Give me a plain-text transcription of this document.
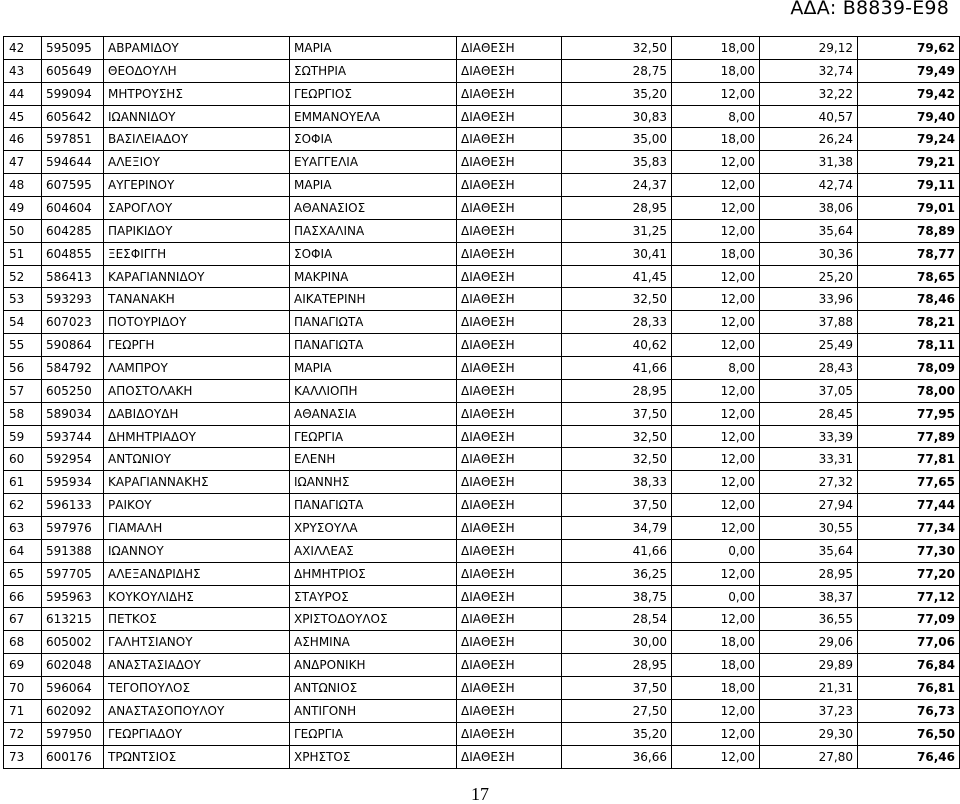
ΑΔΑ: Β8839-Ε98
42	595095	ΑΒΡΑΜΙΔΟΥ	ΜΑΡΙΑ	ΔΙΑΘΕΣΗ	32,50	18,00	29,12	79,62
43	605649	ΘΕΟΔΟΥΛΗ	ΣΩΤΗΡΙΑ	ΔΙΑΘΕΣΗ	28,75	18,00	32,74	79,49
44	599094	ΜΗΤΡΟΥΣΗΣ	ΓΕΩΡΓΙΟΣ	ΔΙΑΘΕΣΗ	35,20	12,00	32,22	79,42
45	605642	ΙΩΑΝΝΙΔΟΥ	ΕΜΜΑΝΟΥΕΛΑ	ΔΙΑΘΕΣΗ	30,83	8,00	40,57	79,40
46	597851	ΒΑΣΙΛΕΙΑΔΟΥ	ΣΟΦΙΑ	ΔΙΑΘΕΣΗ	35,00	18,00	26,24	79,24
47	594644	ΑΛΕΞΙΟΥ	ΕΥΑΓΓΕΛΙΑ	ΔΙΑΘΕΣΗ	35,83	12,00	31,38	79,21
48	607595	ΑΥΓΕΡΙΝΟΥ	ΜΑΡΙΑ	ΔΙΑΘΕΣΗ	24,37	12,00	42,74	79,11
49	604604	ΣΑΡΟΓΛΟΥ	ΑΘΑΝΑΣΙΟΣ	ΔΙΑΘΕΣΗ	28,95	12,00	38,06	79,01
50	604285	ΠΑΡΙΚΙΔΟΥ	ΠΑΣΧΑΛΙΝΑ	ΔΙΑΘΕΣΗ	31,25	12,00	35,64	78,89
51	604855	ΞΕΣΦΙΓΓΗ	ΣΟΦΙΑ	ΔΙΑΘΕΣΗ	30,41	18,00	30,36	78,77
52	586413	ΚΑΡΑΓΙΑΝΝΙΔΟΥ	ΜΑΚΡΙΝΑ	ΔΙΑΘΕΣΗ	41,45	12,00	25,20	78,65
53	593293	ΤΑΝΑΝΑΚΗ	ΑΙΚΑΤΕΡΙΝΗ	ΔΙΑΘΕΣΗ	32,50	12,00	33,96	78,46
54	607023	ΠΟΤΟΥΡΙΔΟΥ	ΠΑΝΑΓΙΩΤΑ	ΔΙΑΘΕΣΗ	28,33	12,00	37,88	78,21
55	590864	ΓΕΩΡΓΗ	ΠΑΝΑΓΙΩΤΑ	ΔΙΑΘΕΣΗ	40,62	12,00	25,49	78,11
56	584792	ΛΑΜΠΡΟΥ	ΜΑΡΙΑ	ΔΙΑΘΕΣΗ	41,66	8,00	28,43	78,09
57	605250	ΑΠΟΣΤΟΛΑΚΗ	ΚΑΛΛΙΟΠΗ	ΔΙΑΘΕΣΗ	28,95	12,00	37,05	78,00
58	589034	ΔΑΒΙΔΟΥΔΗ	ΑΘΑΝΑΣΙΑ	ΔΙΑΘΕΣΗ	37,50	12,00	28,45	77,95
59	593744	ΔΗΜΗΤΡΙΑΔΟΥ	ΓΕΩΡΓΙΑ	ΔΙΑΘΕΣΗ	32,50	12,00	33,39	77,89
60	592954	ΑΝΤΩΝΙΟΥ	ΕΛΕΝΗ	ΔΙΑΘΕΣΗ	32,50	12,00	33,31	77,81
61	595934	ΚΑΡΑΓΙΑΝΝΑΚΗΣ	ΙΩΑΝΝΗΣ	ΔΙΑΘΕΣΗ	38,33	12,00	27,32	77,65
62	596133	ΡΑΙΚΟΥ	ΠΑΝΑΓΙΩΤΑ	ΔΙΑΘΕΣΗ	37,50	12,00	27,94	77,44
63	597976	ΓΙΑΜΑΛΗ	ΧΡΥΣΟΥΛΑ	ΔΙΑΘΕΣΗ	34,79	12,00	30,55	77,34
64	591388	ΙΩΑΝΝΟΥ	ΑΧΙΛΛΕΑΣ	ΔΙΑΘΕΣΗ	41,66	0,00	35,64	77,30
65	597705	ΑΛΕΞΑΝΔΡΙΔΗΣ	ΔΗΜΗΤΡΙΟΣ	ΔΙΑΘΕΣΗ	36,25	12,00	28,95	77,20
66	595963	ΚΟΥΚΟΥΛΙΔΗΣ	ΣΤΑΥΡΟΣ	ΔΙΑΘΕΣΗ	38,75	0,00	38,37	77,12
67	613215	ΠΕΤΚΟΣ	ΧΡΙΣΤΟΔΟΥΛΟΣ	ΔΙΑΘΕΣΗ	28,54	12,00	36,55	77,09
68	605002	ΓΑΛΗΤΣΙΑΝΟΥ	ΑΣΗΜΙΝΑ	ΔΙΑΘΕΣΗ	30,00	18,00	29,06	77,06
69	602048	ΑΝΑΣΤΑΣΙΑΔΟΥ	ΑΝΔΡΟΝΙΚΗ	ΔΙΑΘΕΣΗ	28,95	18,00	29,89	76,84
70	596064	ΤΕΓΟΠΟΥΛΟΣ	ΑΝΤΩΝΙΟΣ	ΔΙΑΘΕΣΗ	37,50	18,00	21,31	76,81
71	602092	ΑΝΑΣΤΑΣΟΠΟΥΛΟΥ	ΑΝΤΙΓΟΝΗ	ΔΙΑΘΕΣΗ	27,50	12,00	37,23	76,73
72	597950	ΓΕΩΡΓΙΑΔΟΥ	ΓΕΩΡΓΙΑ	ΔΙΑΘΕΣΗ	35,20	12,00	29,30	76,50
73	600176	ΤΡΩΝΤΣΙΟΣ	ΧΡΗΣΤΟΣ	ΔΙΑΘΕΣΗ	36,66	12,00	27,80	76,46
17
